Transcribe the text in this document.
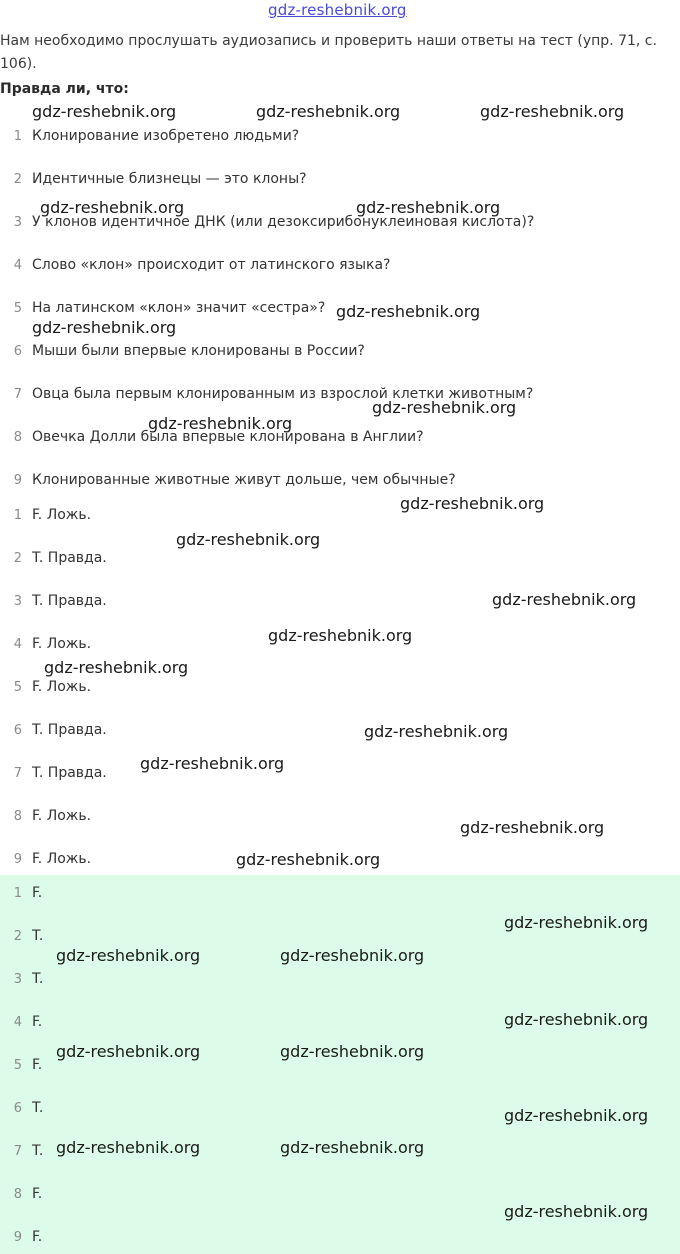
gdz-reshebnik.org
Нам необходимо прослушать аудиозапись и проверить наши ответы на тест (упр. 71, с. 106).
Правда ли, что:
1 Клонирование изобретено людьми?
2 Идентичные близнецы — это клоны?
3 У клонов идентичное ДНК (или дезоксирибонуклеиновая кислота)?
4 Слово «клон» происходит от латинского языка?
5 На латинском «клон» значит «сестра»?
6 Мыши были впервые клонированы в России?
7 Овца была первым клонированным из взрослой клетки животным?
8 Овечка Долли была впервые клонирована в Англии?
9 Клонированные животные живут дольше, чем обычные?
1 F. Ложь.
2 T. Правда.
3 T. Правда.
4 F. Ложь.
5 F. Ложь.
6 T. Правда.
7 T. Правда.
8 F. Ложь.
9 F. Ложь.
1 F.
2 T.
3 T.
4 F.
5 F.
6 T.
7 T.
8 F.
9 F.
gdz-reshebnik.org	gdz-reshebnik.org	gdz-reshebnik.org
gdz-reshebnik.org	gdz-reshebnik.org
gdz-reshebnik.org
gdz-reshebnik.org
gdz-reshebnik.org
gdz-reshebnik.org
gdz-reshebnik.org
gdz-reshebnik.org
gdz-reshebnik.org
gdz-reshebnik.org
gdz-reshebnik.org
gdz-reshebnik.org
gdz-reshebnik.org
gdz-reshebnik.org
gdz-reshebnik.org
gdz-reshebnik.org
gdz-reshebnik.org	gdz-reshebnik.org
gdz-reshebnik.org
gdz-reshebnik.org	gdz-reshebnik.org
gdz-reshebnik.org
gdz-reshebnik.org	gdz-reshebnik.org
gdz-reshebnik.org
